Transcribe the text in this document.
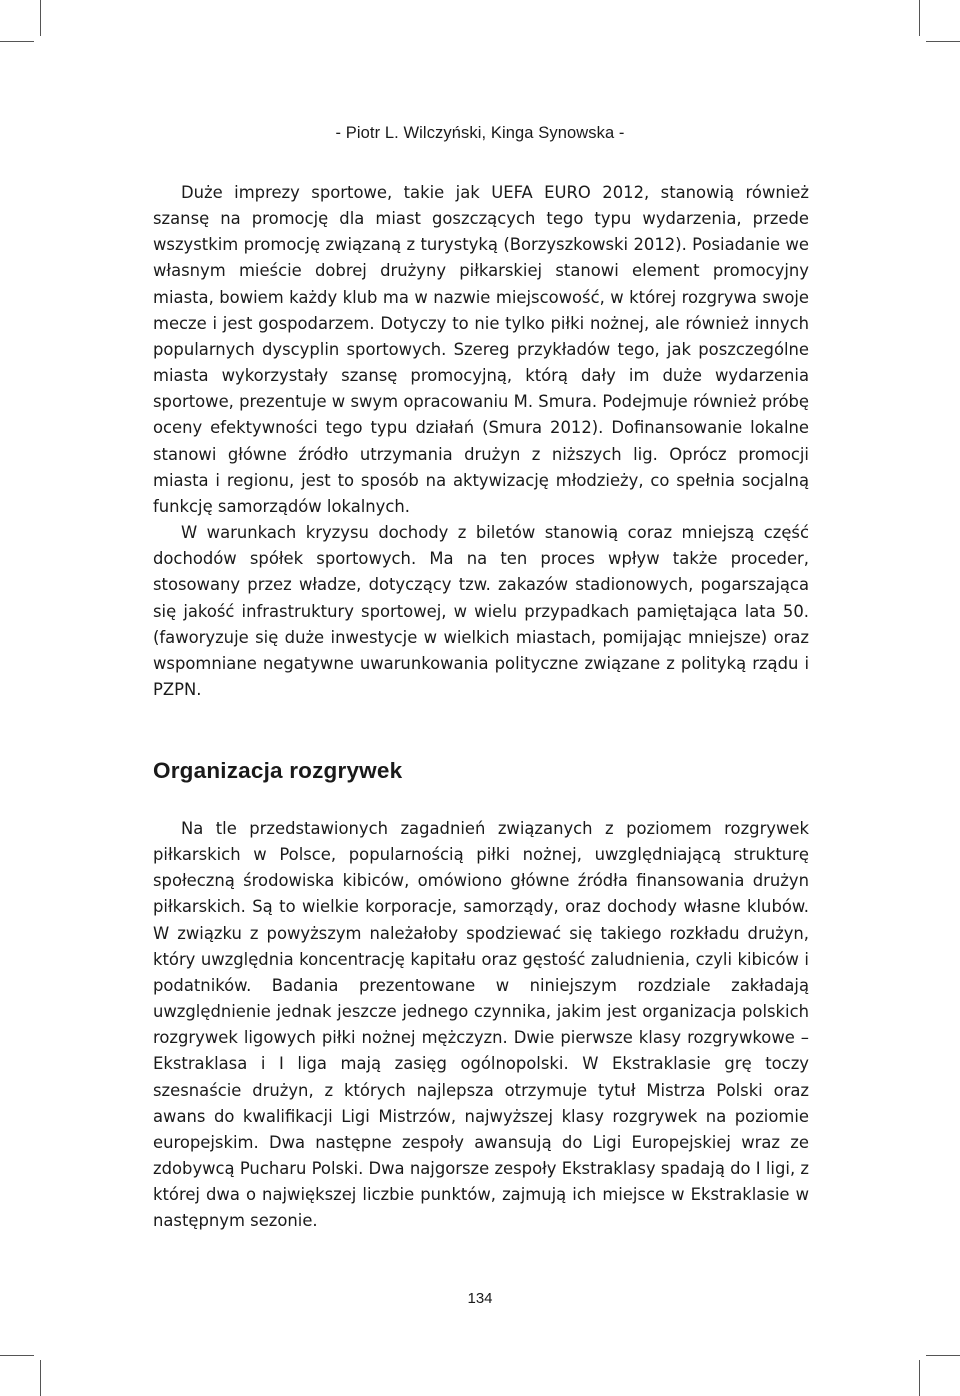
- Piotr L. Wilczyński, Kinga Synowska -

Duże imprezy sportowe, takie jak UEFA EURO 2012, stanowią również szansę na promocję dla miast goszczących tego typu wydarzenia, przede wszystkim promocję związaną z turystyką (Borzyszkowski 2012). Posiadanie we własnym mieście dobrej drużyny piłkarskiej stanowi element promocyjny miasta, bowiem każdy klub ma w nazwie miejscowość, w której rozgrywa swoje mecze i jest gospodarzem. Dotyczy to nie tylko piłki nożnej, ale również innych popularnych dyscyplin sportowych. Szereg przykładów tego, jak poszczególne miasta wykorzystały szansę promocyjną, którą dały im duże wydarzenia sportowe, prezentuje w swym opracowaniu M. Smura. Podejmuje również próbę oceny efektywności tego typu działań (Smura 2012). Dofinansowanie lokalne stanowi główne źródło utrzymania drużyn z niższych lig. Oprócz promocji miasta i regionu, jest to sposób na aktywizację młodzieży, co spełnia socjalną funkcję samorządów lokalnych.

W warunkach kryzysu dochody z biletów stanowią coraz mniejszą część dochodów spółek sportowych. Ma na ten proces wpływ także proceder, stosowany przez władze, dotyczący tzw. zakazów stadionowych, pogarszająca się jakość infrastruktury sportowej, w wielu przypadkach pamiętająca lata 50. (faworyzuje się duże inwestycje w wielkich miastach, pomijając mniejsze) oraz wspomniane negatywne uwarunkowania polityczne związane z polityką rządu i PZPN.

Organizacja rozgrywek

Na tle przedstawionych zagadnień związanych z poziomem rozgrywek piłkarskich w Polsce, popularnością piłki nożnej, uwzględniającą strukturę społeczną środowiska kibiców, omówiono główne źródła finansowania drużyn piłkarskich. Są to wielkie korporacje, samorządy, oraz dochody własne klubów. W związku z powyższym należałoby spodziewać się takiego rozkładu drużyn, który uwzględnia koncentrację kapitału oraz gęstość zaludnienia, czyli kibiców i podatników. Badania prezentowane w niniejszym rozdziale zakładają uwzględnienie jednak jeszcze jednego czynnika, jakim jest organizacja polskich rozgrywek ligowych piłki nożnej mężczyzn. Dwie pierwsze klasy rozgrywkowe – Ekstraklasa i I liga mają zasięg ogólnopolski. W Ekstraklasie grę toczy szesnaście drużyn, z których najlepsza otrzymuje tytuł Mistrza Polski oraz awans do kwalifikacji Ligi Mistrzów, najwyższej klasy rozgrywek na poziomie europejskim. Dwa następne zespoły awansują do Ligi Europejskiej wraz ze zdobywcą Pucharu Polski. Dwa najgorsze zespoły Ekstraklasy spadają do I ligi, z której dwa o największej liczbie punktów, zajmują ich miejsce w Ekstraklasie w następnym sezonie.

134
